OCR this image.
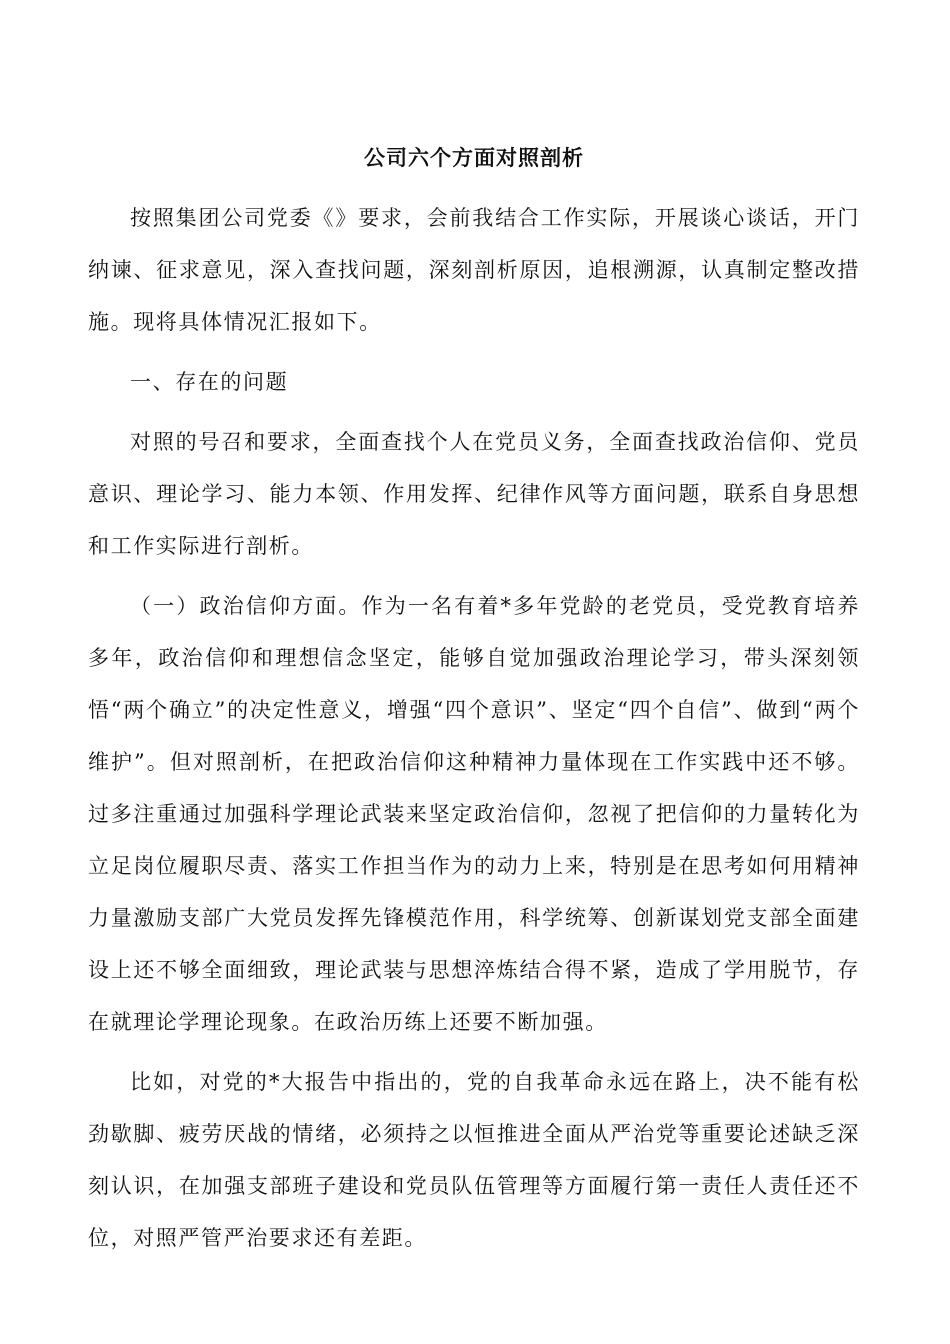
公司六个方面对照剖析

按照集团公司党委《》要求，会前我结合工作实际，开展谈心谈话，开门纳谏、征求意见，深入查找问题，深刻剖析原因，追根溯源，认真制定整改措施。现将具体情况汇报如下。

一、存在的问题

对照的号召和要求，全面查找个人在党员义务，全面查找政治信仰、党员意识、理论学习、能力本领、作用发挥、纪律作风等方面问题，联系自身思想和工作实际进行剖析。

（一）政治信仰方面。作为一名有着*多年党龄的老党员，受党教育培养多年，政治信仰和理想信念坚定，能够自觉加强政治理论学习，带头深刻领悟“两个确立”的决定性意义，增强“四个意识”、坚定“四个自信”、做到“两个维护”。但对照剖析，在把政治信仰这种精神力量体现在工作实践中还不够。过多注重通过加强科学理论武装来坚定政治信仰，忽视了把信仰的力量转化为立足岗位履职尽责、落实工作担当作为的动力上来，特别是在思考如何用精神力量激励支部广大党员发挥先锋模范作用，科学统筹、创新谋划党支部全面建设上还不够全面细致，理论武装与思想淬炼结合得不紧，造成了学用脱节，存在就理论学理论现象。在政治历练上还要不断加强。

比如，对党的*大报告中指出的，党的自我革命永远在路上，决不能有松劲歇脚、疲劳厌战的情绪，必须持之以恒推进全面从严治党等重要论述缺乏深刻认识，在加强支部班子建设和党员队伍管理等方面履行第一责任人责任还不位，对照严管严治要求还有差距。
